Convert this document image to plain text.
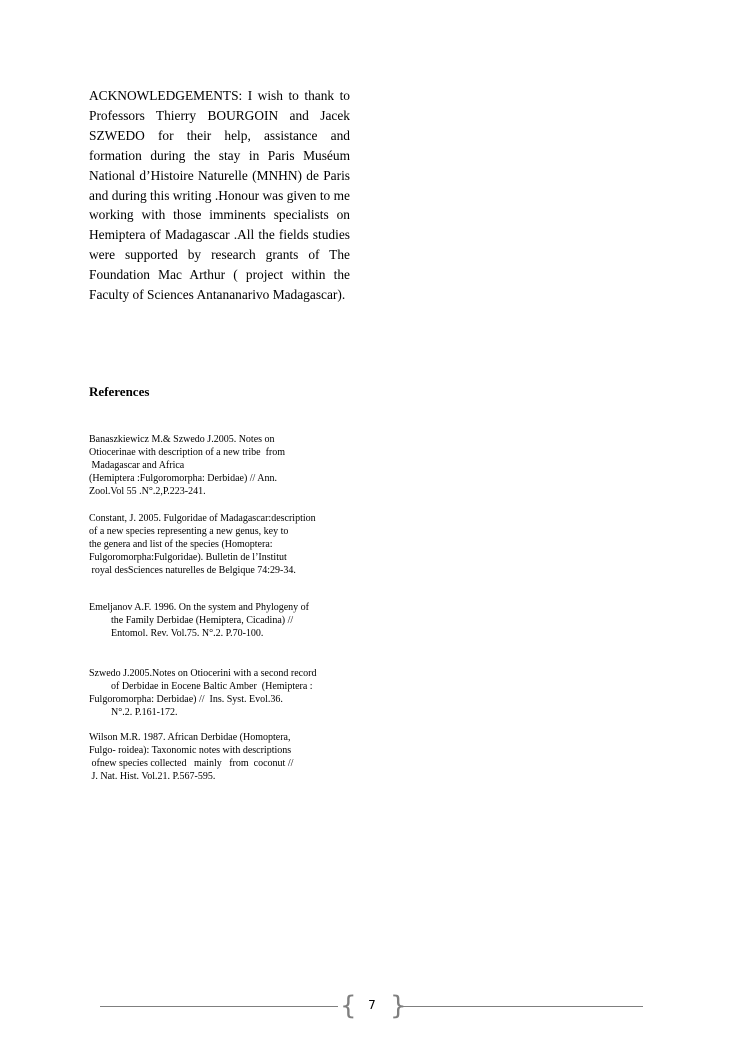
ACKNOWLEDGEMENTS: I wish to thank to Professors Thierry BOURGOIN and Jacek SZWEDO for their help, assistance and formation during the stay in Paris Muséum National d’Histoire Naturelle (MNHN) de Paris and during this writing .Honour was given to me working with those imminents specialists on Hemiptera of Madagascar .All the fields studies were supported by research grants of The Foundation Mac Arthur ( project within the Faculty of Sciences Antananarivo Madagascar).

References
Banaszkiewicz M.& Szwedo J.2005. Notes on
Otiocerinae with description of a new tribe  from
Madagascar and Africa
(Hemiptera :Fulgoromorpha: Derbidae) // Ann.
Zool.Vol 55 .N°.2,P.223-241.
Constant, J. 2005. Fulgoridae of Madagascar:description
of a new species representing a new genus, key to
the genera and list of the species (Homoptera:
Fulgoromorpha:Fulgoridae). Bulletin de l’Institut
royal desSciences naturelles de Belgique 74:29-34.
Emeljanov A.F. 1996. On the system and Phylogeny of
the Family Derbidae (Hemiptera, Cicadina) //
Entomol. Rev. Vol.75. N°.2. P.70-100.
Szwedo J.2005.Notes on Otiocerini with a second record
of Derbidae in Eocene Baltic Amber  (Hemiptera :
Fulgoromorpha: Derbidae) //  Ins. Syst. Evol.36.
N°.2. P.161-172.
Wilson M.R. 1987. African Derbidae (Homoptera,
Fulgo- roidea): Taxonomic notes with descriptions
ofnew species collected   mainly   from  coconut //
J. Nat. Hist. Vol.21. P.567-595.
{ }
7
